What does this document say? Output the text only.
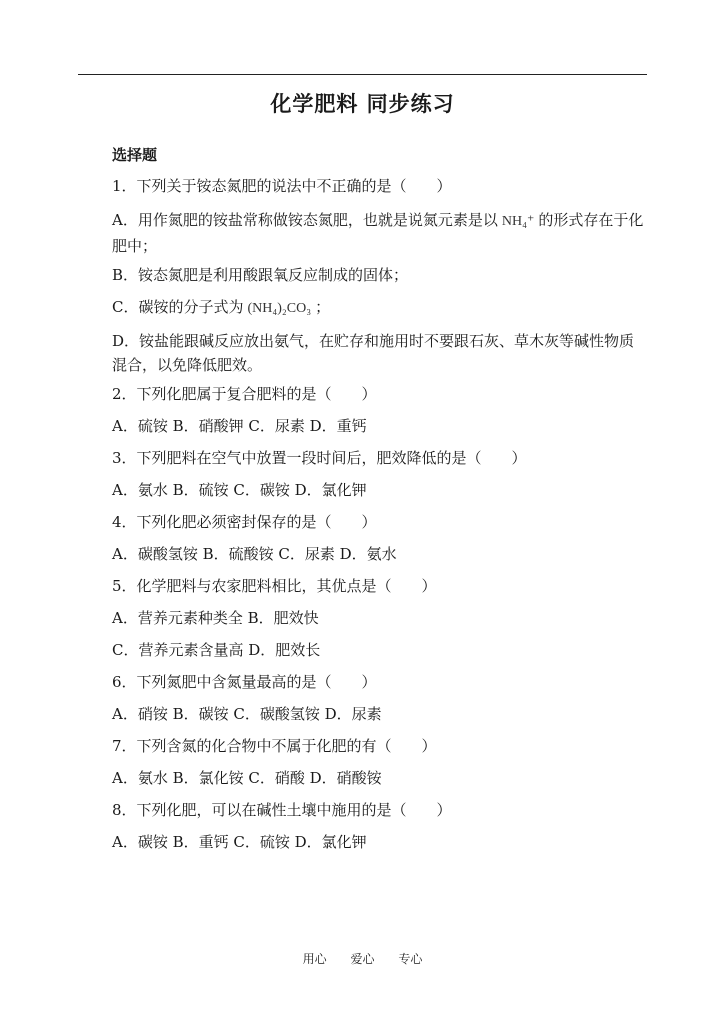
化学肥料 同步练习
选择题
1．下列关于铵态氮肥的说法中不正确的是（　　）
A．用作氮肥的铵盐常称做铵态氮肥，也就是说氮元素是以 NH₄⁺ 的形式存在于化肥中；
B．铵态氮肥是利用酸跟氧反应制成的固体；
C．碳铵的分子式为 (NH₄)₂CO₃ ；
D．铵盐能跟碱反应放出氨气，在贮存和施用时不要跟石灰、草木灰等碱性物质混合，以免降低肥效。
2．下列化肥属于复合肥料的是（　　）
A．硫铵 B．硝酸钾 C．尿素 D．重钙
3．下列肥料在空气中放置一段时间后，肥效降低的是（　　）
A．氨水 B．硫铵 C．碳铵 D．氯化钾
4．下列化肥必须密封保存的是（　　）
A．碳酸氢铵 B．硫酸铵 C．尿素 D．氨水
5．化学肥料与农家肥料相比，其优点是（　　）
A．营养元素种类全 B．肥效快
C．营养元素含量高 D．肥效长
6．下列氮肥中含氮量最高的是（　　）
A．硝铵 B．碳铵 C．碳酸氢铵 D．尿素
7．下列含氮的化合物中不属于化肥的有（　　）
A．氨水 B．氯化铵 C．硝酸 D．硝酸铵
8．下列化肥，可以在碱性土壤中施用的是（　　）
A．碳铵 B．重钙 C．硫铵 D．氯化钾
用心 爱心 专心
